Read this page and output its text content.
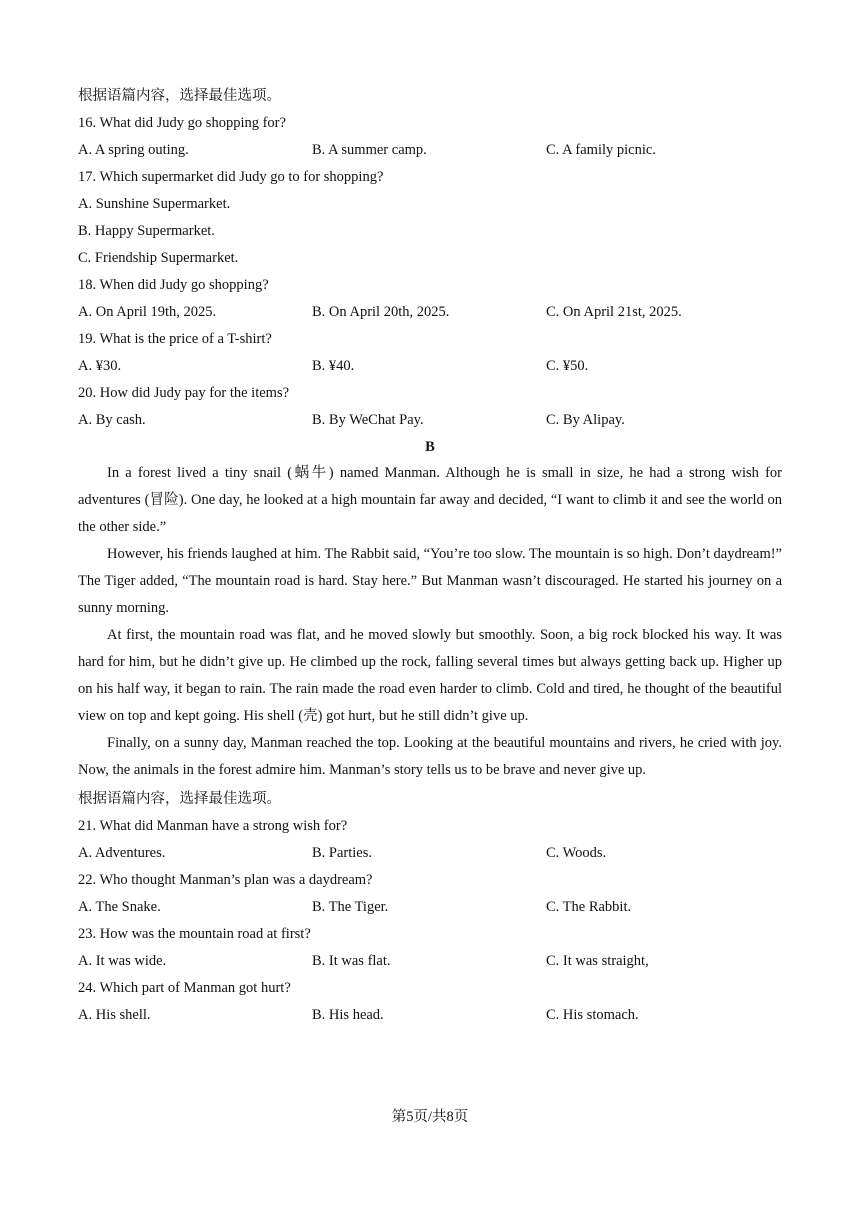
根据语篇内容，选择最佳选项。
16. What did Judy go shopping for?
A. A spring outing.	B. A summer camp.	C. A family picnic.
17. Which supermarket did Judy go to for shopping?
A. Sunshine Supermarket.
B. Happy Supermarket.
C. Friendship Supermarket.
18. When did Judy go shopping?
A. On April 19th, 2025.	B. On April 20th, 2025.	C. On April 21st, 2025.
19. What is the price of a T-shirt?
A. ¥30.	B. ¥40.	C. ¥50.
20. How did Judy pay for the items?
A. By cash.	B. By WeChat Pay.	C. By Alipay.
B

In a forest lived a tiny snail (蜗牛) named Manman. Although he is small in size, he had a strong wish for adventures (冒险). One day, he looked at a high mountain far away and decided, “I want to climb it and see the world on the other side.”

However, his friends laughed at him. The Rabbit said, “You’re too slow. The mountain is so high. Don’t daydream!” The Tiger added, “The mountain road is hard. Stay here.” But Manman wasn’t discouraged. He started his journey on a sunny morning.

At first, the mountain road was flat, and he moved slowly but smoothly. Soon, a big rock blocked his way. It was hard for him, but he didn’t give up. He climbed up the rock, falling several times but always getting back up. Higher up on his half way, it began to rain. The rain made the road even harder to climb. Cold and tired, he thought of the beautiful view on top and kept going. His shell (壳) got hurt, but he still didn’t give up.

Finally, on a sunny day, Manman reached the top. Looking at the beautiful mountains and rivers, he cried with joy. Now, the animals in the forest admire him. Manman’s story tells us to be brave and never give up.

根据语篇内容，选择最佳选项。
21. What did Manman have a strong wish for?
A. Adventures.	B. Parties.	C. Woods.
22. Who thought Manman’s plan was a daydream?
A. The Snake.	B. The Tiger.	C. The Rabbit.
23. How was the mountain road at first?
A. It was wide.	B. It was flat.	C. It was straight,
24. Which part of Manman got hurt?
A. His shell.	B. His head.	C. His stomach.
第5页/共8页
